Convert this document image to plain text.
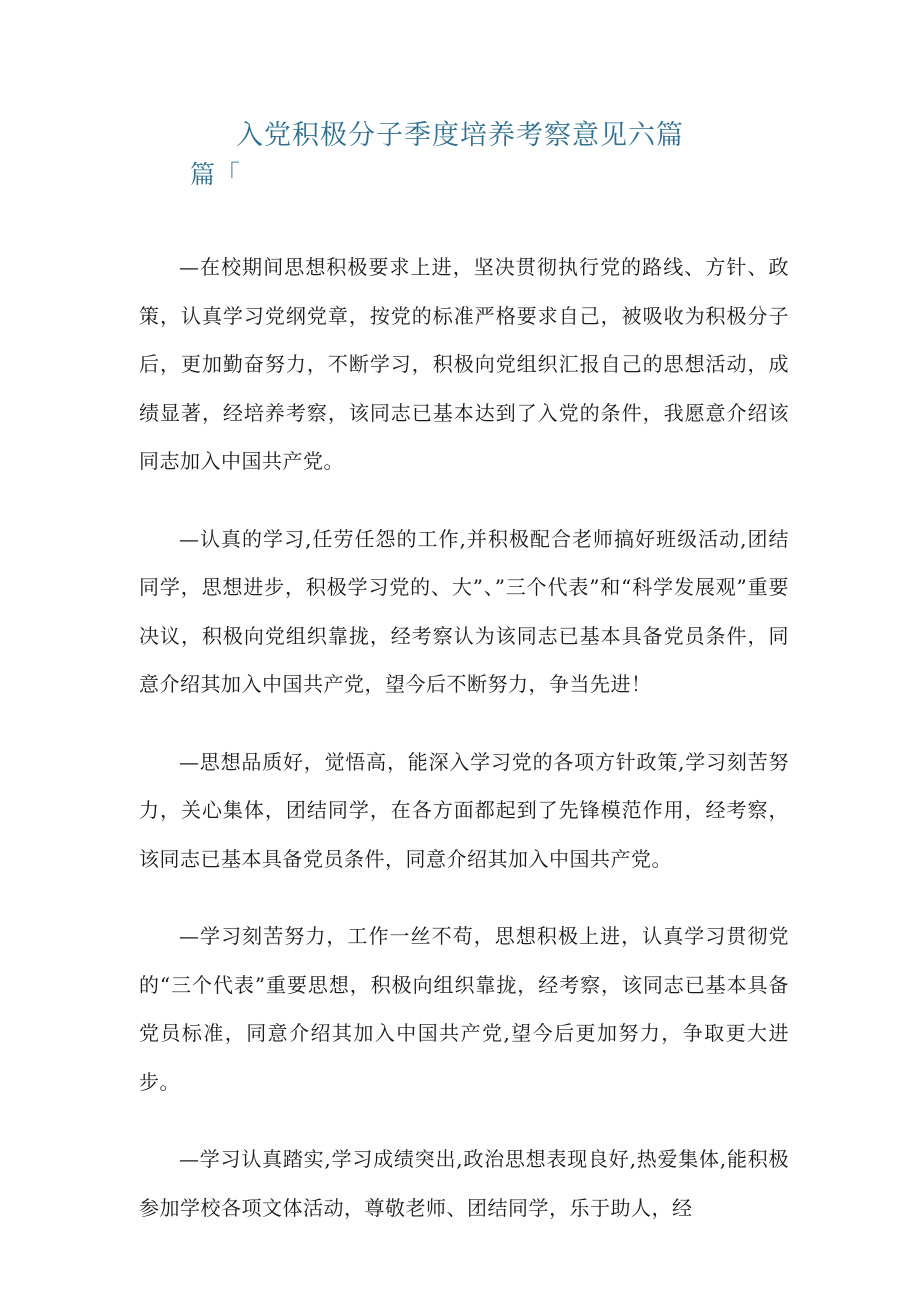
入党积极分子季度培养考察意见六篇
篇「

—在校期间思想积极要求上进，坚决贯彻执行党的路线、方针、政策，认真学习党纲党章，按党的标准严格要求自己，被吸收为积极分子后，更加勤奋努力，不断学习，积极向党组织汇报自己的思想活动，成绩显著，经培养考察，该同志已基本达到了入党的条件，我愿意介绍该同志加入中国共产党。

—认真的学习,任劳任怨的工作,并积极配合老师搞好班级活动,团结同学，思想进步，积极学习党的、大”、”三个代表”和“科学发展观”重要决议，积极向党组织靠拢，经考察认为该同志已基本具备党员条件，同意介绍其加入中国共产党，望今后不断努力，争当先进！

—思想品质好，觉悟高，能深入学习党的各项方针政策,学习刻苦努力，关心集体，团结同学，在各方面都起到了先锋模范作用，经考察，该同志已基本具备党员条件，同意介绍其加入中国共产党。

—学习刻苦努力，工作一丝不苟，思想积极上进，认真学习贯彻党的“三个代表”重要思想，积极向组织靠拢，经考察，该同志已基本具备党员标准，同意介绍其加入中国共产党,望今后更加努力，争取更大进步。

—学习认真踏实,学习成绩突出,政治思想表现良好,热爱集体,能积极参加学校各项文体活动，尊敬老师、团结同学，乐于助人，经
